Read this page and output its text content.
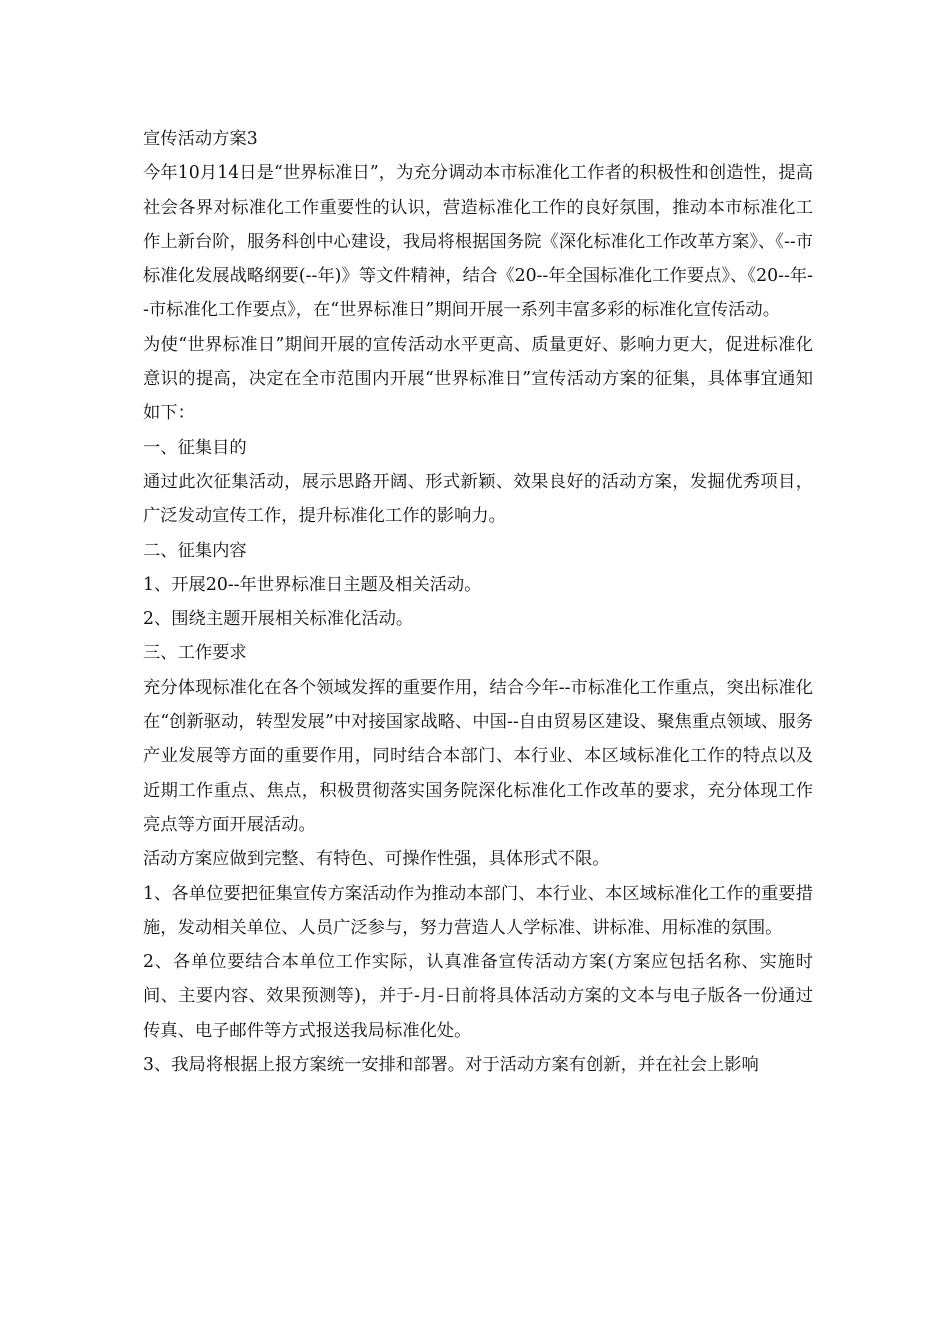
宣传活动方案3

今年10月14日是“世界标准日”，为充分调动本市标准化工作者的积极性和创造性，提高社会各界对标准化工作重要性的认识，营造标准化工作的良好氛围，推动本市标准化工作上新台阶，服务科创中心建设，我局将根据国务院《深化标准化工作改革方案》、《--市标准化发展战略纲要(--年)》等文件精神，结合《20--年全国标准化工作要点》、《20--年--市标准化工作要点》，在“世界标准日”期间开展一系列丰富多彩的标准化宣传活动。

为使“世界标准日”期间开展的宣传活动水平更高、质量更好、影响力更大，促进标准化意识的提高，决定在全市范围内开展“世界标准日”宣传活动方案的征集，具体事宜通知如下：

一、征集目的

通过此次征集活动，展示思路开阔、形式新颖、效果良好的活动方案，发掘优秀项目，广泛发动宣传工作，提升标准化工作的影响力。

二、征集内容

1、开展20--年世界标准日主题及相关活动。

2、围绕主题开展相关标准化活动。

三、工作要求

充分体现标准化在各个领域发挥的重要作用，结合今年--市标准化工作重点，突出标准化在“创新驱动，转型发展”中对接国家战略、中国--自由贸易区建设、聚焦重点领域、服务产业发展等方面的重要作用，同时结合本部门、本行业、本区域标准化工作的特点以及近期工作重点、焦点，积极贯彻落实国务院深化标准化工作改革的要求，充分体现工作亮点等方面开展活动。

活动方案应做到完整、有特色、可操作性强，具体形式不限。

1、各单位要把征集宣传方案活动作为推动本部门、本行业、本区域标准化工作的重要措施，发动相关单位、人员广泛参与，努力营造人人学标准、讲标准、用标准的氛围。

2、各单位要结合本单位工作实际，认真准备宣传活动方案(方案应包括名称、实施时间、主要内容、效果预测等)，并于-月-日前将具体活动方案的文本与电子版各一份通过传真、电子邮件等方式报送我局标准化处。

3、我局将根据上报方案统一安排和部署。对于活动方案有创新，并在社会上影响
